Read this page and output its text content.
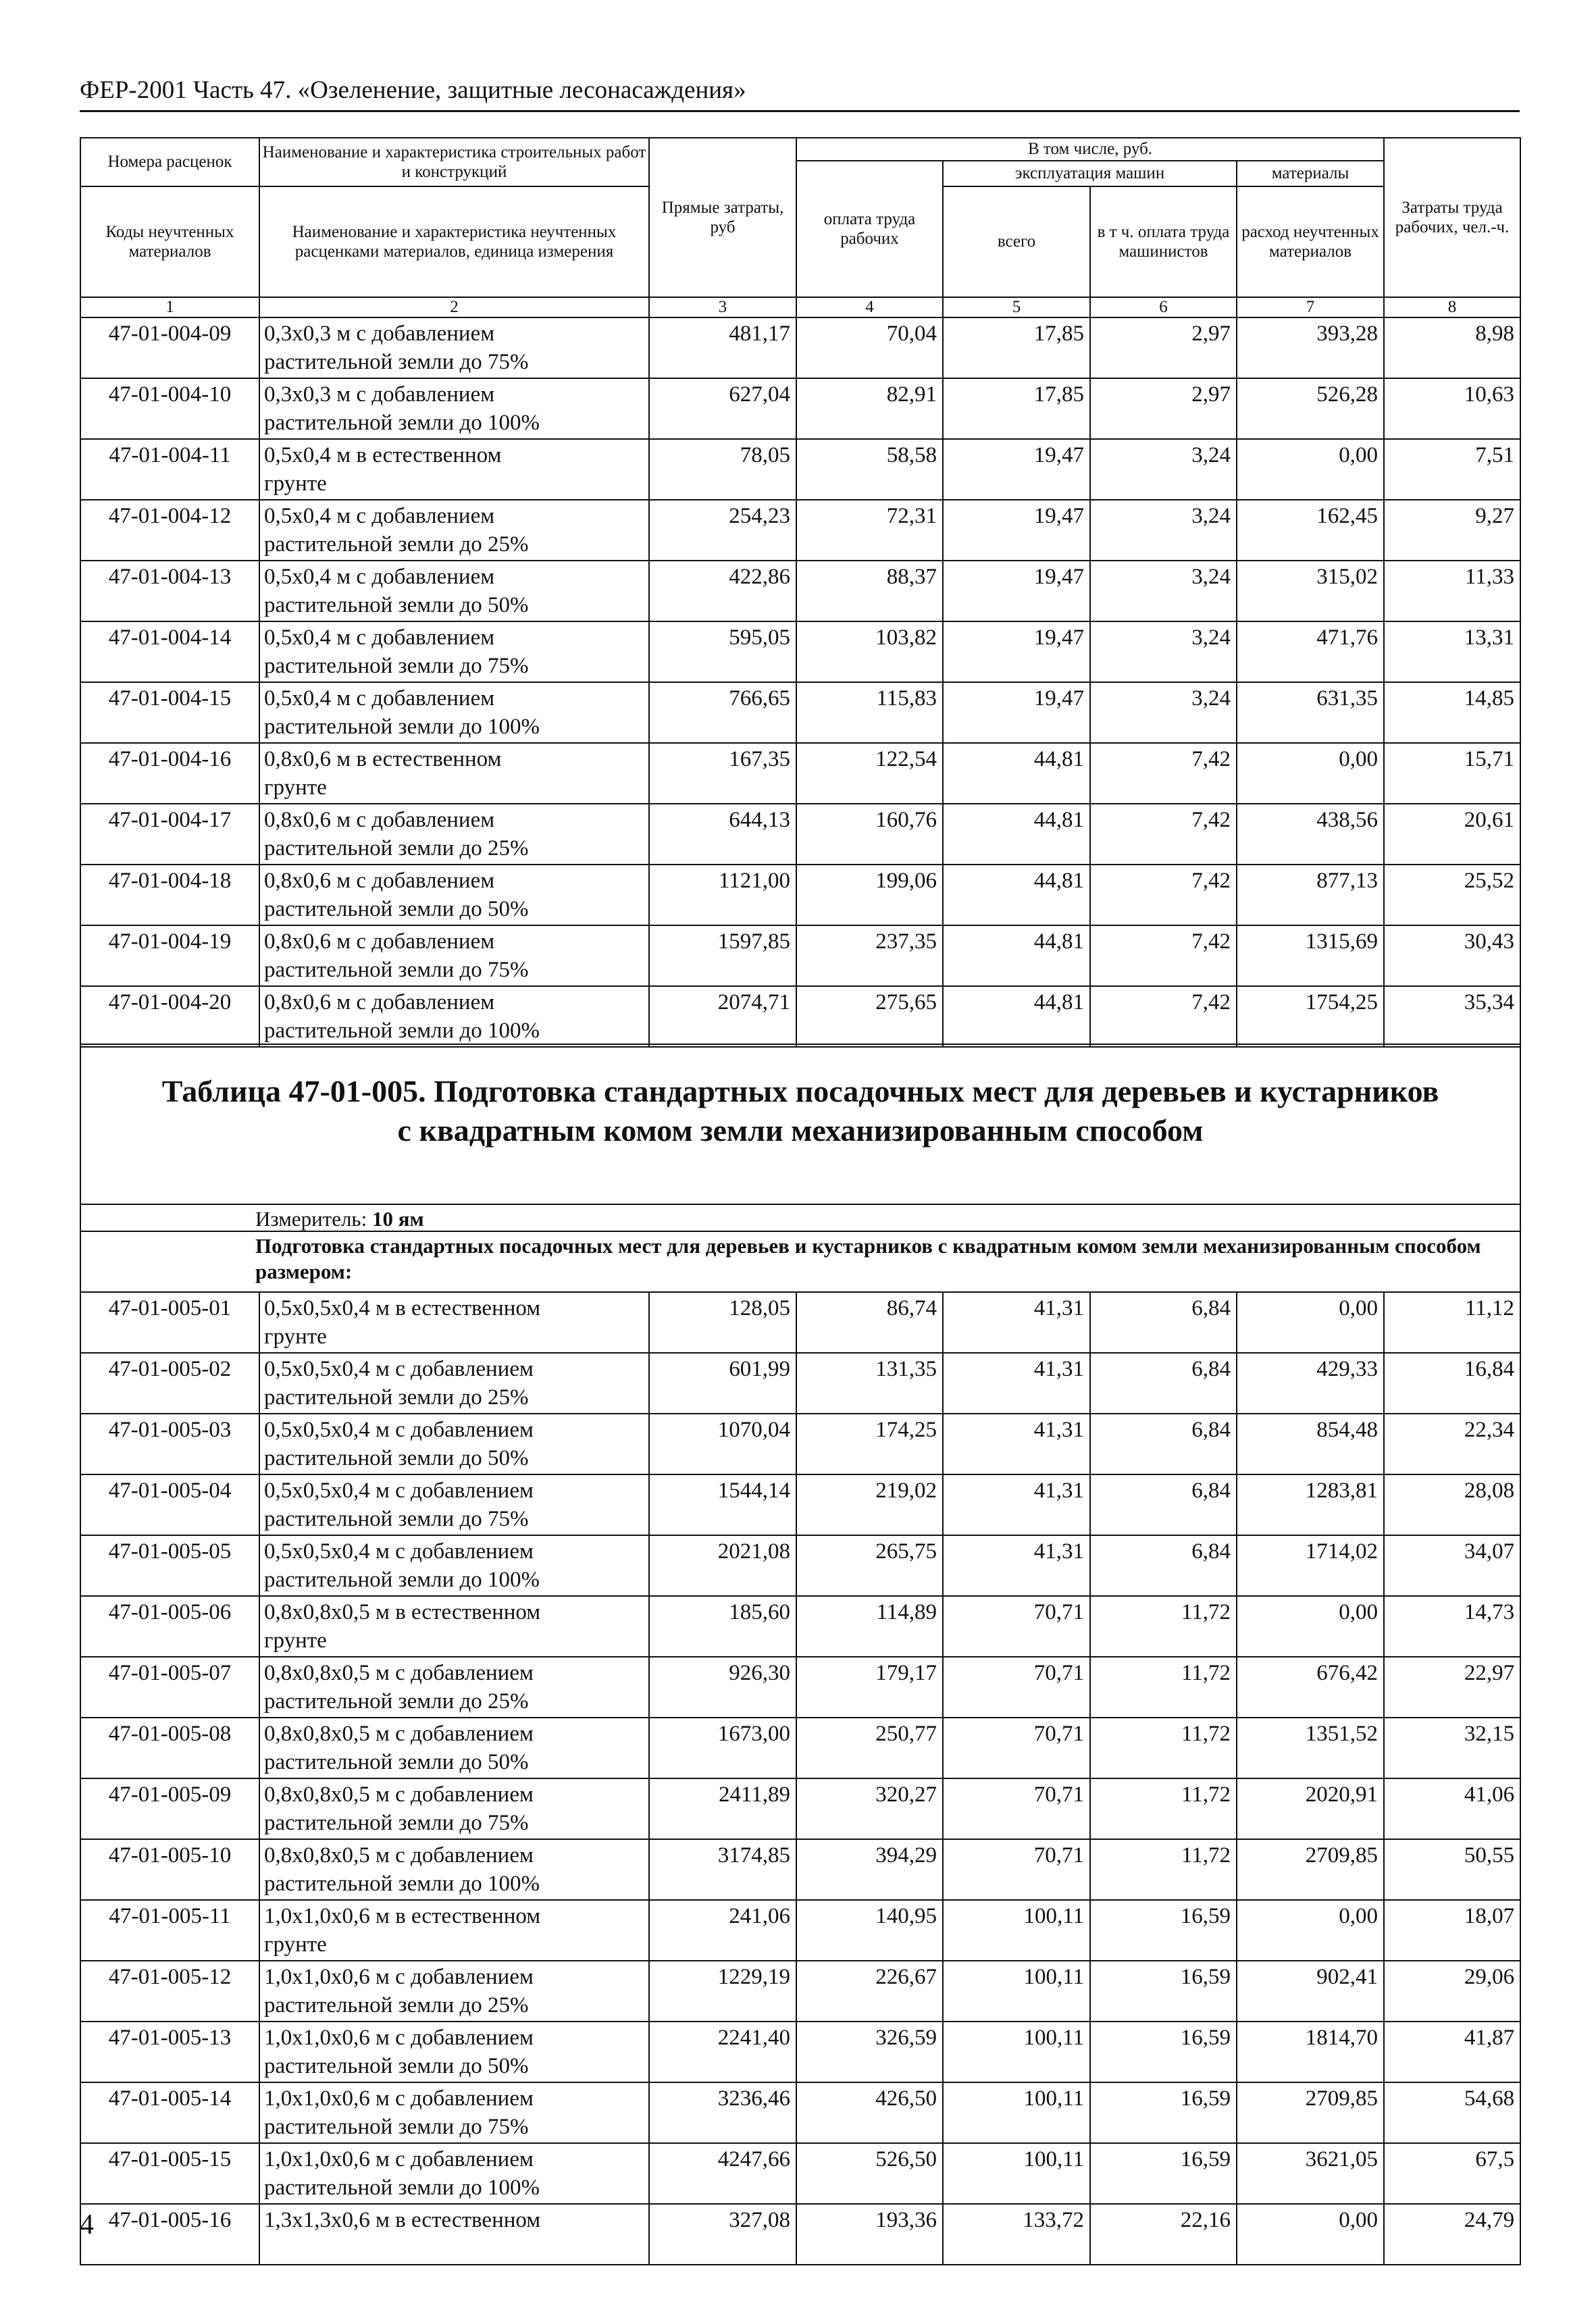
ФЕР-2001 Часть 47. «Озеленение, защитные лесонасаждения»
Номера расценок	Наименование и характеристика строительных работ и конструкций	Прямые затраты, руб	В том числе, руб.				Затраты труда рабочих, чел.-ч.
			оплата труда рабочих	эксплуатация машин		материалы	
Коды неучтенных материалов	Наименование и характеристика неучтенных расценками материалов, единица измерения			всего	в т ч. оплата труда машинистов	расход неучтенных материалов	

1	2	3	4	5	6	7	8
47-01-004-09	0,3x0,3 м с добавлением
растительной земли до 75%	481,17	70,04	17,85	2,97	393,28	8,98
47-01-004-10	0,3x0,3 м с добавлением
растительной земли до 100%	627,04	82,91	17,85	2,97	526,28	10,63
47-01-004-11	0,5x0,4 м в естественном
грунте	78,05	58,58	19,47	3,24	0,00	7,51
47-01-004-12	0,5x0,4 м с добавлением
растительной земли до 25%	254,23	72,31	19,47	3,24	162,45	9,27
47-01-004-13	0,5x0,4 м с добавлением
растительной земли до 50%	422,86	88,37	19,47	3,24	315,02	11,33
47-01-004-14	0,5x0,4 м с добавлением
растительной земли до 75%	595,05	103,82	19,47	3,24	471,76	13,31
47-01-004-15	0,5x0,4 м с добавлением
растительной земли до 100%	766,65	115,83	19,47	3,24	631,35	14,85
47-01-004-16	0,8x0,6 м в естественном
грунте	167,35	122,54	44,81	7,42	0,00	15,71
47-01-004-17	0,8x0,6 м с добавлением
растительной земли до 25%	644,13	160,76	44,81	7,42	438,56	20,61
47-01-004-18	0,8x0,6 м с добавлением
растительной земли до 50%	1121,00	199,06	44,81	7,42	877,13	25,52
47-01-004-19	0,8x0,6 м с добавлением
растительной земли до 75%	1597,85	237,35	44,81	7,42	1315,69	30,43
47-01-004-20	0,8x0,6 м с добавлением
растительной земли до 100%	2074,71	275,65	44,81	7,42	1754,25	35,34
Таблица 47-01-005. Подготовка стандартных посадочных мест для деревьев и кустарников
с квадратным комом земли механизированным способом							

Измеритель: 10 ям							
Подготовка стандартных посадочных мест для деревьев и кустарников с квадратным комом земли механизированным способом размером:							
47-01-005-01	0,5x0,5x0,4 м в естественном
грунте	128,05	86,74	41,31	6,84	0,00	11,12
47-01-005-02	0,5x0,5x0,4 м с добавлением
растительной земли до 25%	601,99	131,35	41,31	6,84	429,33	16,84
47-01-005-03	0,5x0,5x0,4 м с добавлением
растительной земли до 50%	1070,04	174,25	41,31	6,84	854,48	22,34
47-01-005-04	0,5x0,5x0,4 м с добавлением
растительной земли до 75%	1544,14	219,02	41,31	6,84	1283,81	28,08
47-01-005-05	0,5x0,5x0,4 м с добавлением
растительной земли до 100%	2021,08	265,75	41,31	6,84	1714,02	34,07
47-01-005-06	0,8x0,8x0,5 м в естественном
грунте	185,60	114,89	70,71	11,72	0,00	14,73
47-01-005-07	0,8x0,8x0,5 м с добавлением
растительной земли до 25%	926,30	179,17	70,71	11,72	676,42	22,97
47-01-005-08	0,8x0,8x0,5 м с добавлением
растительной земли до 50%	1673,00	250,77	70,71	11,72	1351,52	32,15
47-01-005-09	0,8x0,8x0,5 м с добавлением
растительной земли до 75%	2411,89	320,27	70,71	11,72	2020,91	41,06
47-01-005-10	0,8x0,8x0,5 м с добавлением
растительной земли до 100%	3174,85	394,29	70,71	11,72	2709,85	50,55
47-01-005-11	1,0x1,0x0,6 м в естественном
грунте	241,06	140,95	100,11	16,59	0,00	18,07
47-01-005-12	1,0x1,0x0,6 м с добавлением
растительной земли до 25%	1229,19	226,67	100,11	16,59	902,41	29,06
47-01-005-13	1,0x1,0x0,6 м с добавлением
растительной земли до 50%	2241,40	326,59	100,11	16,59	1814,70	41,87
47-01-005-14	1,0x1,0x0,6 м с добавлением
растительной земли до 75%	3236,46	426,50	100,11	16,59	2709,85	54,68
47-01-005-15	1,0x1,0x0,6 м с добавлением
растительной земли до 100%	4247,66	526,50	100,11	16,59	3621,05	67,5
47-01-005-16	1,3x1,3x0,6 м в естественном	327,08	193,36	133,72	22,16	0,00	24,79
4
